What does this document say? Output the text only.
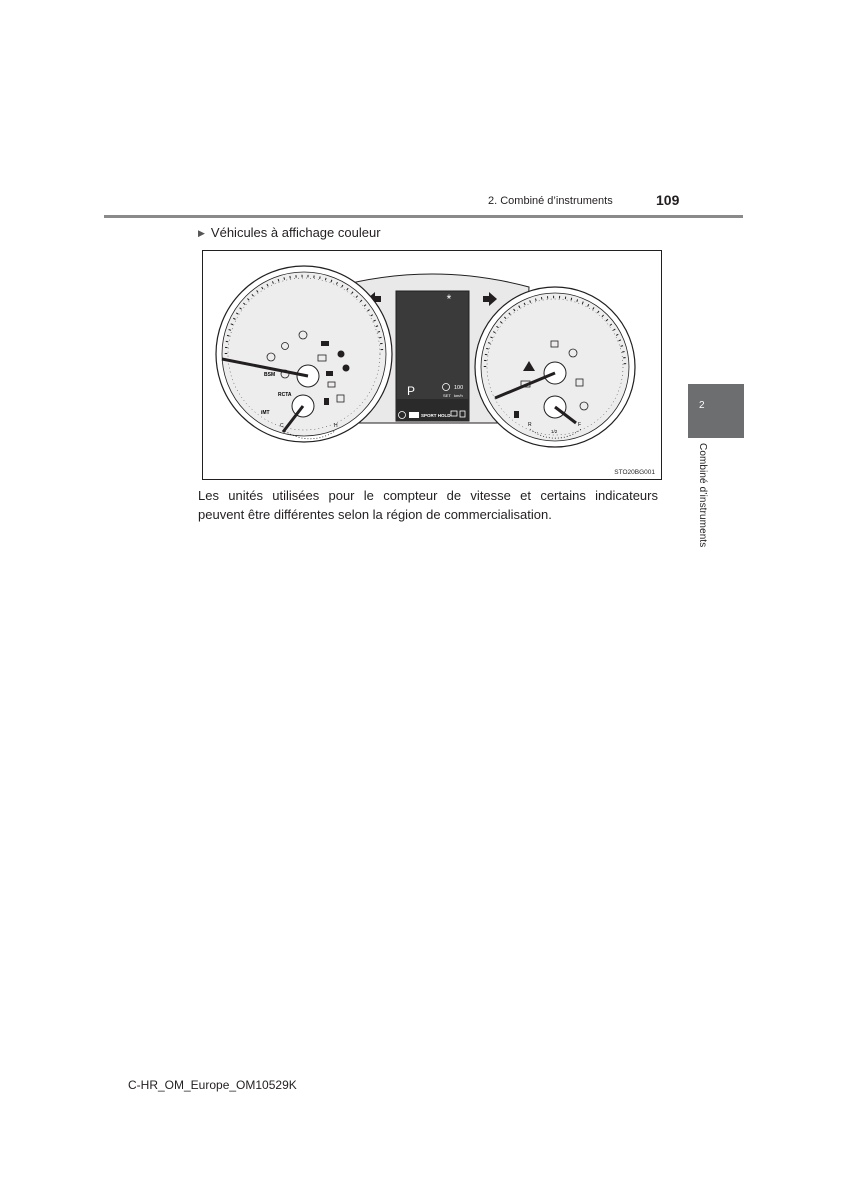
2. Combiné d’instruments	109
▶ Véhicules à affichage couleur
*
P	100
SET km/h
SPORT HOLD
BSM
RCTA
iMT
C	H	R	F
1/2
STO20BG001
Les unités utilisées pour le compteur de vitesse et certains indicateurs
peuvent être différentes selon la région de commercialisation.
2
Combiné d’instruments
C-HR_OM_Europe_OM10529K
